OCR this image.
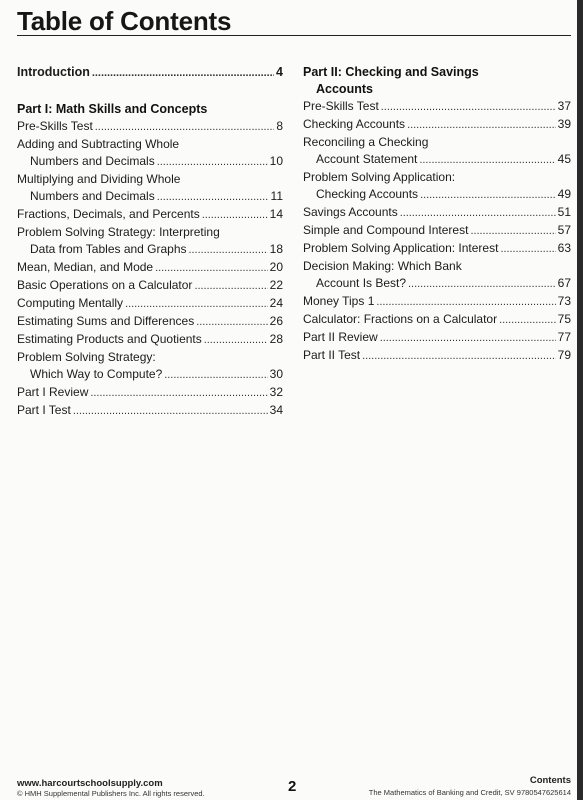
Table of Contents
Introduction . . .	4
Part I: Math Skills and Concepts
Pre-Skills Test . . .	8
Adding and Subtracting Whole
Numbers and Decimals . . .	10
Multiplying and Dividing Whole
Numbers and Decimals . . .	11
Fractions, Decimals, and Percents . . .	14
Problem Solving Strategy: Interpreting
Data from Tables and Graphs . . .	18
Mean, Median, and Mode . . .	20
Basic Operations on a Calculator . . .	22
Computing Mentally . . .	24
Estimating Sums and Differences . . .	26
Estimating Products and Quotients . . .	28
Problem Solving Strategy:
Which Way to Compute? . . .	30
Part I Review . . .	32
Part I Test . . .	34
Part II: Checking and Savings
Accounts
Pre-Skills Test . . .	37
Checking Accounts . . .	39
Reconciling a Checking
Account Statement . . .	45
Problem Solving Application:
Checking Accounts . . .	49
Savings Accounts . . .	51
Simple and Compound Interest . . .	57
Problem Solving Application: Interest . . .	63
Decision Making: Which Bank
Account Is Best? . . .	67
Money Tips 1 . . .	73
Calculator: Fractions on a Calculator . . .	75
Part II Review . . .	77
Part II Test . . .	79
www.harcourtschoolsupply.com
© HMH Supplemental Publishers Inc. All rights reserved.	2	Contents
The Mathematics of Banking and Credit, SV 9780547625614
